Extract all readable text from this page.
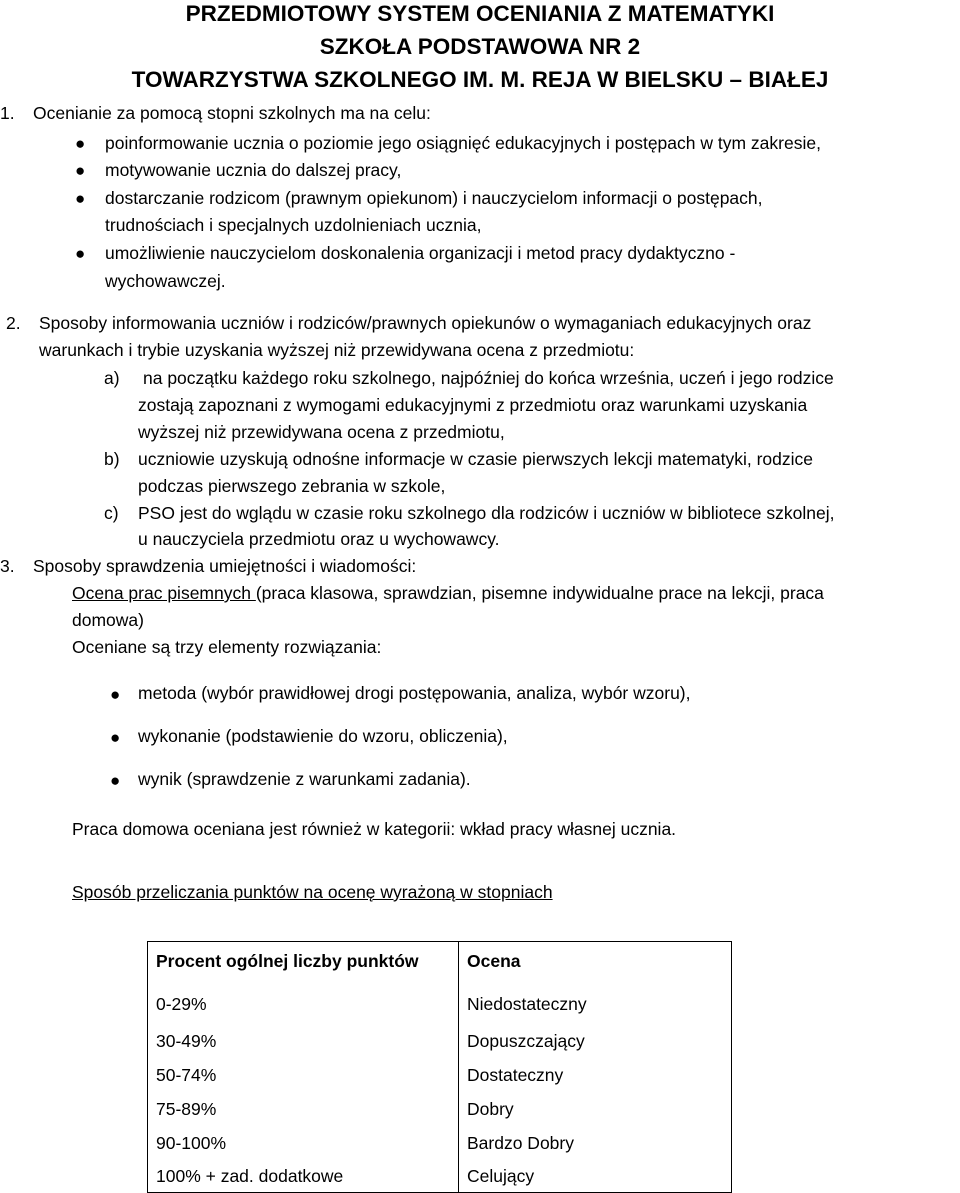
PRZEDMIOTOWY SYSTEM OCENIANIA Z MATEMATYKI
SZKOŁA PODSTAWOWA NR 2
TOWARZYSTWA SZKOLNEGO IM. M. REJA W BIELSKU – BIAŁEJ
1. Ocenianie za pomocą stopni szkolnych ma na celu:
● poinformowanie ucznia o poziomie jego osiągnięć edukacyjnych i postępach w tym zakresie,
● motywowanie ucznia do dalszej pracy,
● dostarczanie rodzicom (prawnym opiekunom) i nauczycielom informacji o postępach,
trudnościach i specjalnych uzdolnieniach ucznia,
● umożliwienie nauczycielom doskonalenia organizacji i metod pracy dydaktyczno -
wychowawczej.
2. Sposoby informowania uczniów i rodziców/prawnych opiekunów o wymaganiach edukacyjnych oraz
warunkach i trybie uzyskania wyższej niż przewidywana ocena z przedmiotu:
a) na początku każdego roku szkolnego, najpóźniej do końca września, uczeń i jego rodzice
zostają zapoznani z wymogami edukacyjnymi z przedmiotu oraz warunkami uzyskania
wyższej niż przewidywana ocena z przedmiotu,
b) uczniowie uzyskują odnośne informacje w czasie pierwszych lekcji matematyki, rodzice
podczas pierwszego zebrania w szkole,
c) PSO jest do wglądu w czasie roku szkolnego dla rodziców i uczniów w bibliotece szkolnej,
u nauczyciela przedmiotu oraz u wychowawcy.
3. Sposoby sprawdzenia umiejętności i wiadomości:
Ocena prac pisemnych (praca klasowa, sprawdzian, pisemne indywidualne prace na lekcji, praca
domowa)
Oceniane są trzy elementy rozwiązania:
● metoda (wybór prawidłowej drogi postępowania, analiza, wybór wzoru),
● wykonanie (podstawienie do wzoru, obliczenia),
● wynik (sprawdzenie z warunkami zadania).
Praca domowa oceniana jest również w kategorii: wkład pracy własnej ucznia.
Sposób przeliczania punktów na ocenę wyrażoną w stopniach
Procent ogólnej liczby punktów	Ocena
0-29%	Niedostateczny
30-49%	Dopuszczający
50-74%	Dostateczny
75-89%	Dobry
90-100%	Bardzo Dobry
100% + zad. dodatkowe	Celujący
